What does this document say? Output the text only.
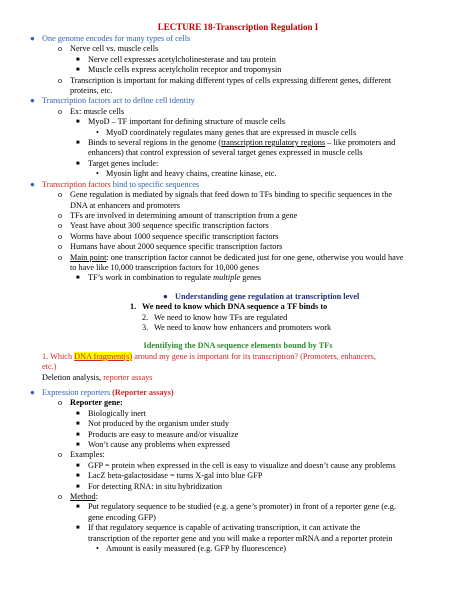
LECTURE 18-Transcription Regulation I
● One genome encodes for many types of cells
o Nerve cell vs. muscle cells
■ Nerve cell expresses acetylcholinesterase and tau protein
■ Muscle cells express acetylcholin receptor and tropomysin
o Transcription is important for making different types of cells expressing different genes, different
proteins, etc.
● Transcription factors act to define cell identity
o Ex: muscle cells
■ MyoD – TF important for defining structure of muscle cells
• MyoD coordinately regulates many genes that are expressed in muscle cells
■ Binds to several regions in the genome (transcription regulatory regions – like promoters and
enhancers) that control expression of several target genes expressed in muscle cells
■ Target genes include:
• Myosin light and heavy chains, creatine kinase, etc.
● Transcription factors bind to specific sequences
o Gene regulation is mediated by signals that feed down to TFs binding to specific sequences in the
DNA at enhancers and promoters
o TFs are involved in determining amount of transcription from a gene
o Yeast have about 300 sequence specific transcription factors
o Worms have about 1000 sequence specific transcription factors
o Humans have about 2000 sequence specific transcription factors
o Main point: one transcription factor cannot be dedicated just for one gene, otherwise you would have
to have like 10,000 transcription factors for 10,000 genes
■ TF’s work in combination to regulate multiple genes
● Understanding gene regulation at transcription level
1. We need to know which DNA sequence a TF binds to
2. We need to know how TFs are regulated
3. We need to know how enhancers and promoters work
Identifying the DNA sequence elements bound by TFs
1. Which DNA fragment(s) around my gene is important for its transcription? (Promoters, enhancers,
etc.)
Deletion analysis, reporter assays
● Expression reporters (Reporter assays)
o Reporter gene:
■ Biologically inert
■ Not produced by the organism under study
■ Products are easy to measure and/or visualize
■ Won’t cause any problems when expressed
o Examples:
■ GFP = protein when expressed in the cell is easy to visualize and doesn’t cause any problems
■ LacZ beta-galactosidase = turns X-gal into blue GFP
■ For detecting RNA: in situ hybridization
o Method:
■ Put regulatory sequence to be studied (e.g. a gene’s promoter) in front of a reporter gene (e.g.
gene encoding GFP)
■ If that regulatory sequence is capable of activating transcription, it can activate the
transcription of the reporter gene and you will make a reporter mRNA and a reporter protein
• Amount is easily measured (e.g. GFP by fluorescence)
